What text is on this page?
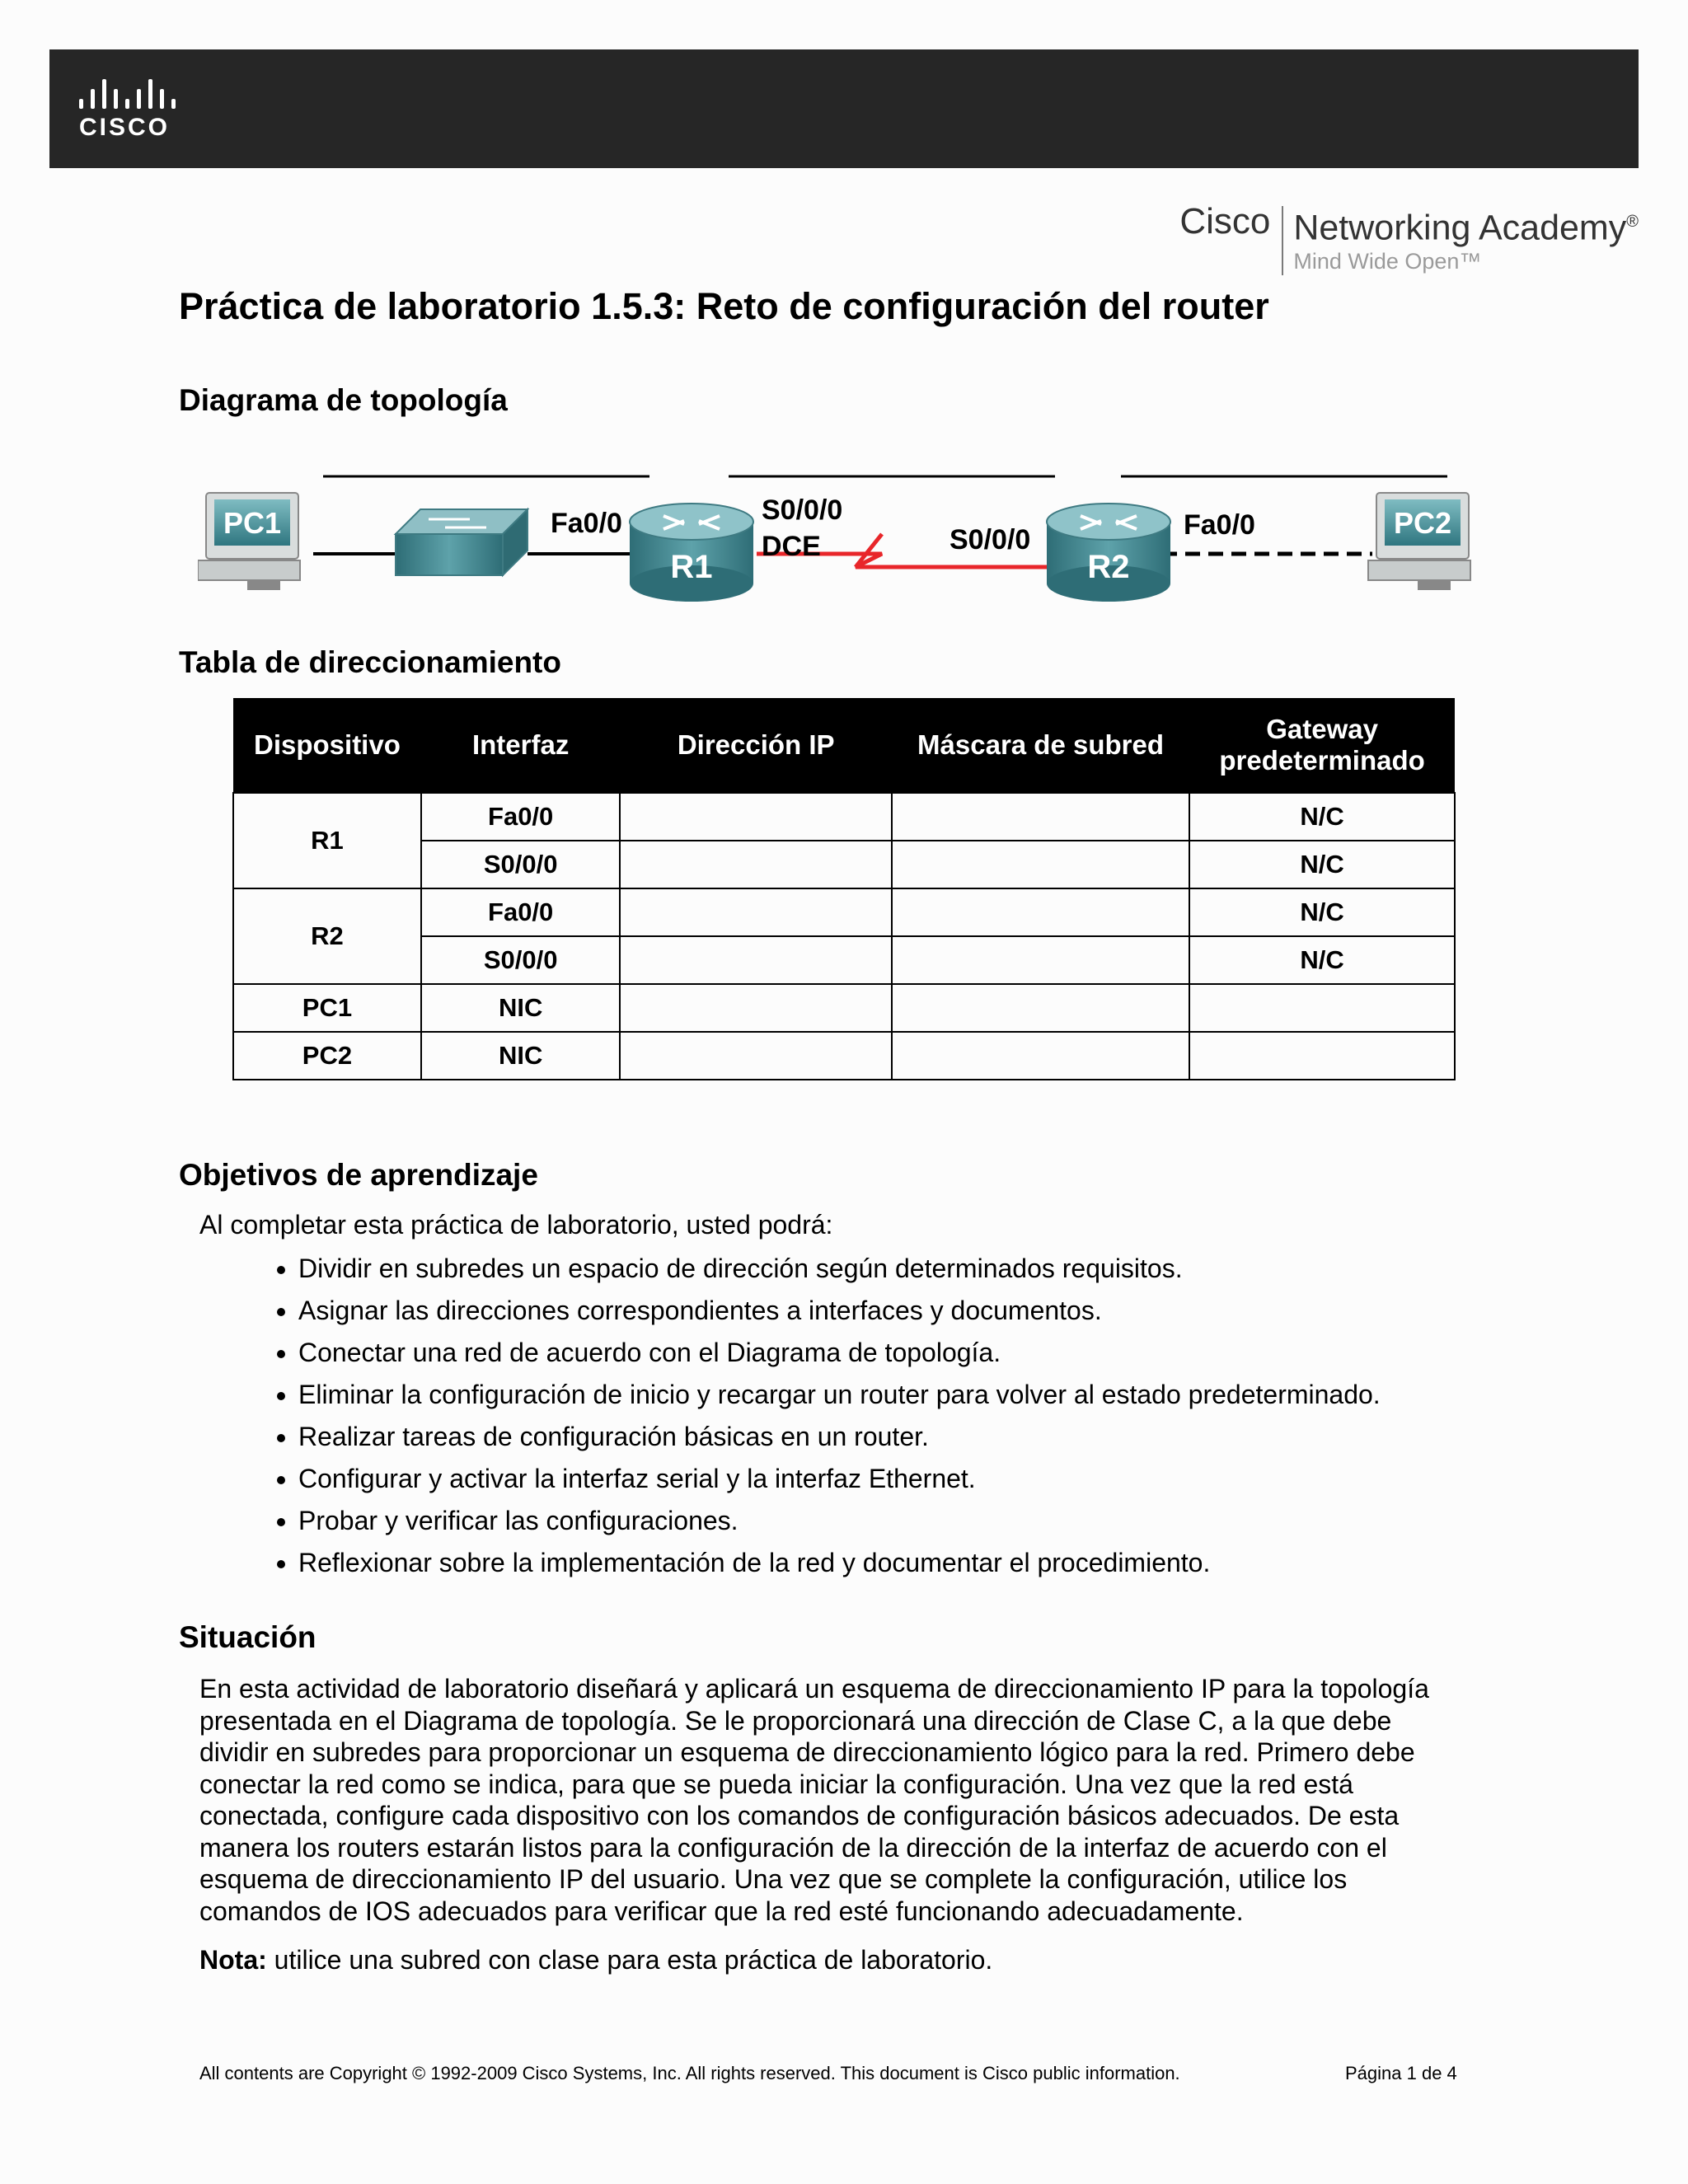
CISCO
Cisco Networking Academy®
Mind Wide Open™
Práctica de laboratorio 1.5.3: Reto de configuración del router
Diagrama de topología
PC1	Fa0/0
R1
S0/0/0
DCE	S0/0/0
R2
Fa0/0	PC2
Tabla de direccionamiento
Dispositivo	Interfaz	Dirección IP	Máscara de subred	Gateway predeterminado
R1	Fa0/0			N/C
	S0/0/0			N/C
R2	Fa0/0			N/C
	S0/0/0			N/C
PC1	NIC			
PC2	NIC			
Objetivos de aprendizaje

Al completar esta práctica de laboratorio, usted podrá:

• Dividir en subredes un espacio de dirección según determinados requisitos.
• Asignar las direcciones correspondientes a interfaces y documentos.
• Conectar una red de acuerdo con el Diagrama de topología.
• Eliminar la configuración de inicio y recargar un router para volver al estado predeterminado.
• Realizar tareas de configuración básicas en un router.
• Configurar y activar la interfaz serial y la interfaz Ethernet.
• Probar y verificar las configuraciones.
• Reflexionar sobre la implementación de la red y documentar el procedimiento.
Situación
En esta actividad de laboratorio diseñará y aplicará un esquema de direccionamiento IP para la topología
presentada en el Diagrama de topología. Se le proporcionará una dirección de Clase C, a la que debe
dividir en subredes para proporcionar un esquema de direccionamiento lógico para la red. Primero debe
conectar la red como se indica, para que se pueda iniciar la configuración. Una vez que la red está
conectada, configure cada dispositivo con los comandos de configuración básicos adecuados. De esta
manera los routers estarán listos para la configuración de la dirección de la interfaz de acuerdo con el
esquema de direccionamiento IP del usuario. Una vez que se complete la configuración, utilice los
comandos de IOS adecuados para verificar que la red esté funcionando adecuadamente.

Nota: utilice una subred con clase para esta práctica de laboratorio.

All contents are Copyright © 1992-2009 Cisco Systems, Inc. All rights reserved. This document is Cisco public information.	Página 1 de 4
